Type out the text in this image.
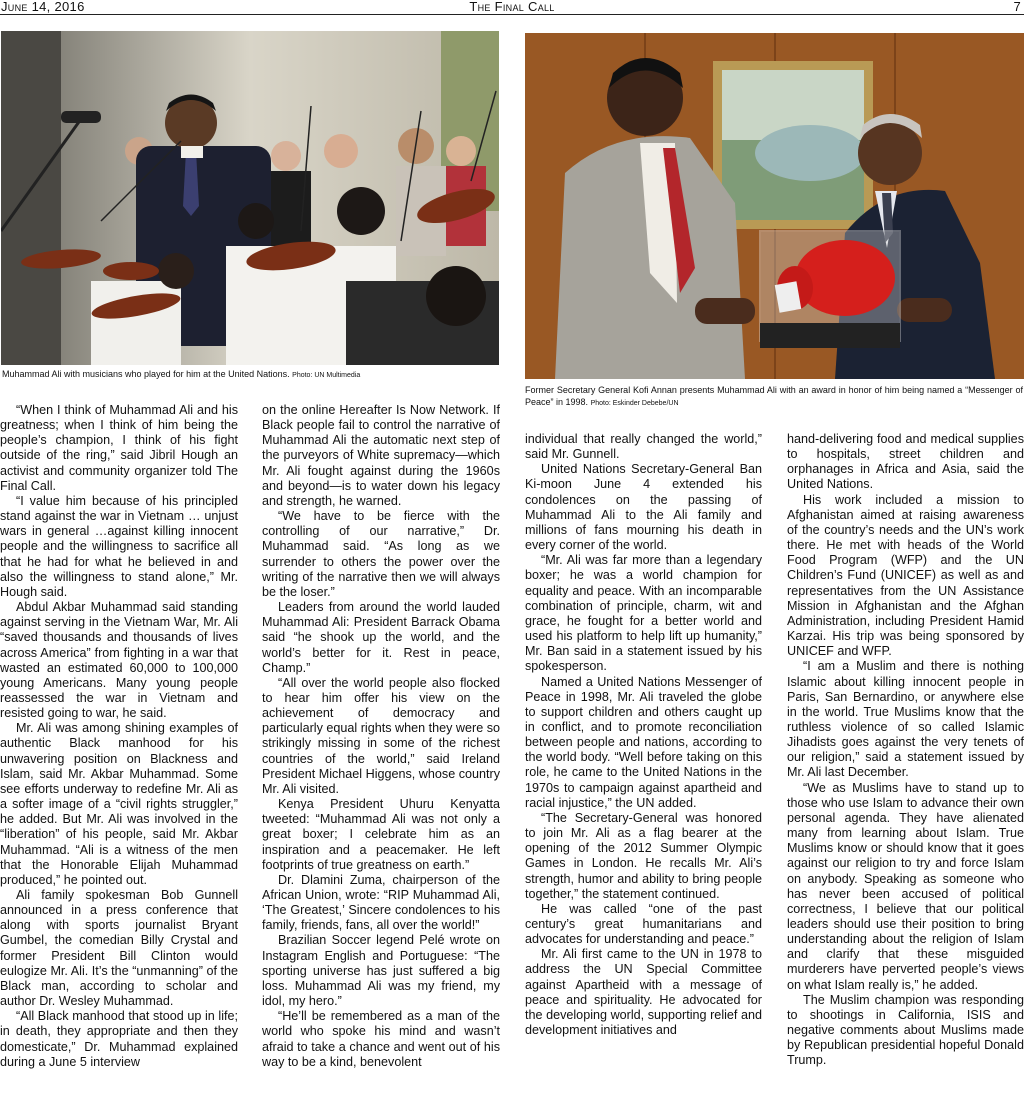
June 14, 2016	The Final Call	7
Muhammad Ali with musicians who played for him at the United Nations. Photo: UN Multimedia
Former Secretary General Kofi Annan presents Muhammad Ali with an award in honor of him being named a “Messenger of Peace” in 1998. Photo: Eskinder Debebe/UN

“When I think of Muhammad Ali and his greatness; when I think of him being the people’s champion, I think of his fight outside of the ring,” said Jibril Hough an activist and community organizer told The Final Call.

“I value him because of his principled stand against the war in Vietnam … unjust wars in general …against killing innocent people and the willingness to sacrifice all that he had for what he believed in and also the willingness to stand alone,” Mr. Hough said.

Abdul Akbar Muhammad said standing against serving in the Vietnam War, Mr. Ali “saved thousands and thousands of lives across America” from fighting in a war that wasted an estimated 60,000 to 100,000 young Americans. Many young people reassessed the war in Vietnam and resisted going to war, he said.

Mr. Ali was among shining examples of authentic Black manhood for his unwavering position on Blackness and Islam, said Mr. Akbar Muhammad. Some see efforts underway to redefine Mr. Ali as a softer image of a “civil rights struggler,” he added. But Mr. Ali was involved in the “liberation” of his people, said Mr. Akbar Muhammad. “Ali is a witness of the men that the Honorable Elijah Muhammad produced,” he pointed out.

Ali family spokesman Bob Gunnell announced in a press conference that along with sports journalist Bryant Gumbel, the comedian Billy Crystal and former President Bill Clinton would eulogize Mr. Ali. It’s the “unmanning” of the Black man, according to scholar and author Dr. Wesley Muhammad.

“All Black manhood that stood up in life; in death, they appropriate and then they domesticate,” Dr. Muhammad explained during a June 5 interview

on the online Hereafter Is Now Network. If Black people fail to control the narrative of Muhammad Ali the automatic next step of the purveyors of White supremacy—which Mr. Ali fought against during the 1960s and beyond—is to water down his legacy and strength, he warned.

“We have to be fierce with the controlling of our narrative,” Dr. Muhammad said. “As long as we surrender to others the power over the writing of the narrative then we will always be the loser.”

Leaders from around the world lauded Muhammad Ali: President Barrack Obama said “he shook up the world, and the world’s better for it. Rest in peace, Champ.”

“All over the world people also flocked to hear him offer his view on the achievement of democracy and particularly equal rights when they were so strikingly missing in some of the richest countries of the world,” said Ireland President Michael Higgens, whose country Mr. Ali visited.

Kenya President Uhuru Kenyatta tweeted: “Muhammad Ali was not only a great boxer; I celebrate him as an inspiration and a peacemaker. He left footprints of true greatness on earth.”

Dr. Dlamini Zuma, chairperson of the African Union, wrote: “RIP Muhammad Ali, ‘The Greatest,’ Sincere condolences to his family, friends, fans, all over the world!”

Brazilian Soccer legend Pelé wrote on Instagram English and Portuguese: “The sporting universe has just suffered a big loss. Muhammad Ali was my friend, my idol, my hero.”

“He’ll be remembered as a man of the world who spoke his mind and wasn’t afraid to take a chance and went out of his way to be a kind, benevolent

individual that really changed the world,” said Mr. Gunnell.

United Nations Secretary-General Ban Ki-moon June 4 extended his condolences on the passing of Muhammad Ali to the Ali family and millions of fans mourning his death in every corner of the world.

“Mr. Ali was far more than a legendary boxer; he was a world champion for equality and peace. With an incomparable combination of principle, charm, wit and grace, he fought for a better world and used his platform to help lift up humanity,” Mr. Ban said in a statement issued by his spokesperson.

Named a United Nations Messenger of Peace in 1998, Mr. Ali traveled the globe to support children and others caught up in conflict, and to promote reconciliation between people and nations, according to the world body. “Well before taking on this role, he came to the United Nations in the 1970s to campaign against apartheid and racial injustice,” the UN added.

“The Secretary-General was honored to join Mr. Ali as a flag bearer at the opening of the 2012 Summer Olympic Games in London. He recalls Mr. Ali’s strength, humor and ability to bring people together,” the statement continued.

He was called “one of the past century’s great humanitarians and advocates for understanding and peace.”

Mr. Ali first came to the UN in 1978 to address the UN Special Committee against Apartheid with a message of peace and spirituality. He advocated for the developing world, supporting relief and development initiatives and

hand-delivering food and medical supplies to hospitals, street children and orphanages in Africa and Asia, said the United Nations.

His work included a mission to Afghanistan aimed at raising awareness of the country’s needs and the UN’s work there. He met with heads of the World Food Program (WFP) and the UN Children’s Fund (UNICEF) as well as and representatives from the UN Assistance Mission in Afghanistan and the Afghan Administration, including President Hamid Karzai. His trip was being sponsored by UNICEF and WFP.

“I am a Muslim and there is nothing Islamic about killing innocent people in Paris, San Bernardino, or anywhere else in the world. True Muslims know that the ruthless violence of so called Islamic Jihadists goes against the very tenets of our religion,” said a statement issued by Mr. Ali last December.

“We as Muslims have to stand up to those who use Islam to advance their own personal agenda. They have alienated many from learning about Islam. True Muslims know or should know that it goes against our religion to try and force Islam on anybody. Speaking as someone who has never been accused of political correctness, I believe that our political leaders should use their position to bring understanding about the religion of Islam and clarify that these misguided murderers have perverted people’s views on what Islam really is,” he added.

The Muslim champion was responding to shootings in California, ISIS and negative comments about Muslims made by Republican presidential hopeful Donald Trump.
